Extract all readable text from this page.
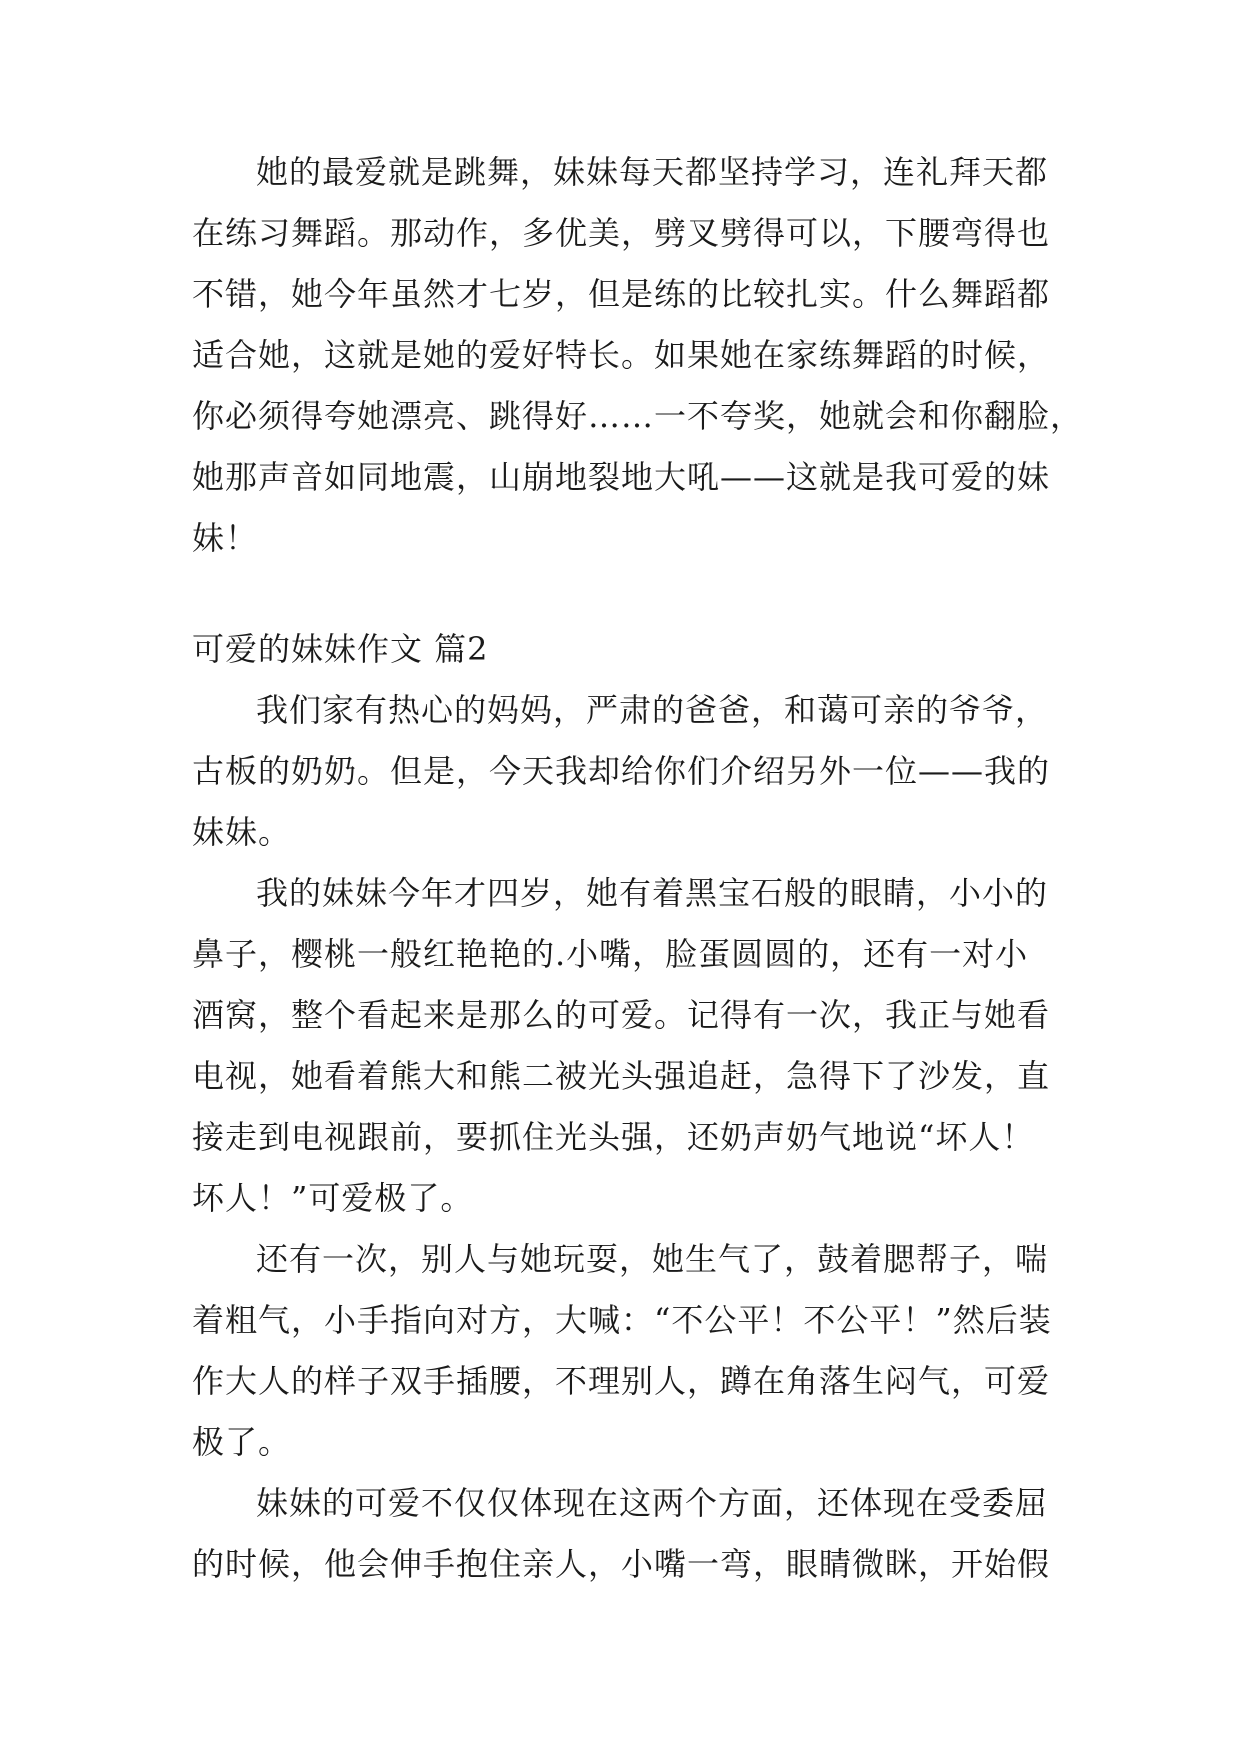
她的最爱就是跳舞，妹妹每天都坚持学习，连礼拜天都
在练习舞蹈。那动作，多优美，劈叉劈得可以，下腰弯得也
不错，她今年虽然才七岁，但是练的比较扎实。什么舞蹈都
适合她，这就是她的爱好特长。如果她在家练舞蹈的时候，
你必须得夸她漂亮、跳得好……一不夸奖，她就会和你翻脸，
她那声音如同地震，山崩地裂地大吼——这就是我可爱的妹
妹！
可爱的妹妹作文 篇2
我们家有热心的妈妈，严肃的爸爸，和蔼可亲的爷爷，
古板的奶奶。但是，今天我却给你们介绍另外一位——我的
妹妹。
我的妹妹今年才四岁，她有着黑宝石般的眼睛，小小的
鼻子，樱桃一般红艳艳的.小嘴，脸蛋圆圆的，还有一对小
酒窝，整个看起来是那么的可爱。记得有一次，我正与她看
电视，她看着熊大和熊二被光头强追赶，急得下了沙发，直
接走到电视跟前，要抓住光头强，还奶声奶气地说“坏人！
坏人！”可爱极了。
还有一次，别人与她玩耍，她生气了，鼓着腮帮子，喘
着粗气，小手指向对方，大喊：“不公平！不公平！”然后装
作大人的样子双手插腰，不理别人，蹲在角落生闷气，可爱
极了。
妹妹的可爱不仅仅体现在这两个方面，还体现在受委屈
的时候，他会伸手抱住亲人，小嘴一弯，眼睛微眯，开始假
